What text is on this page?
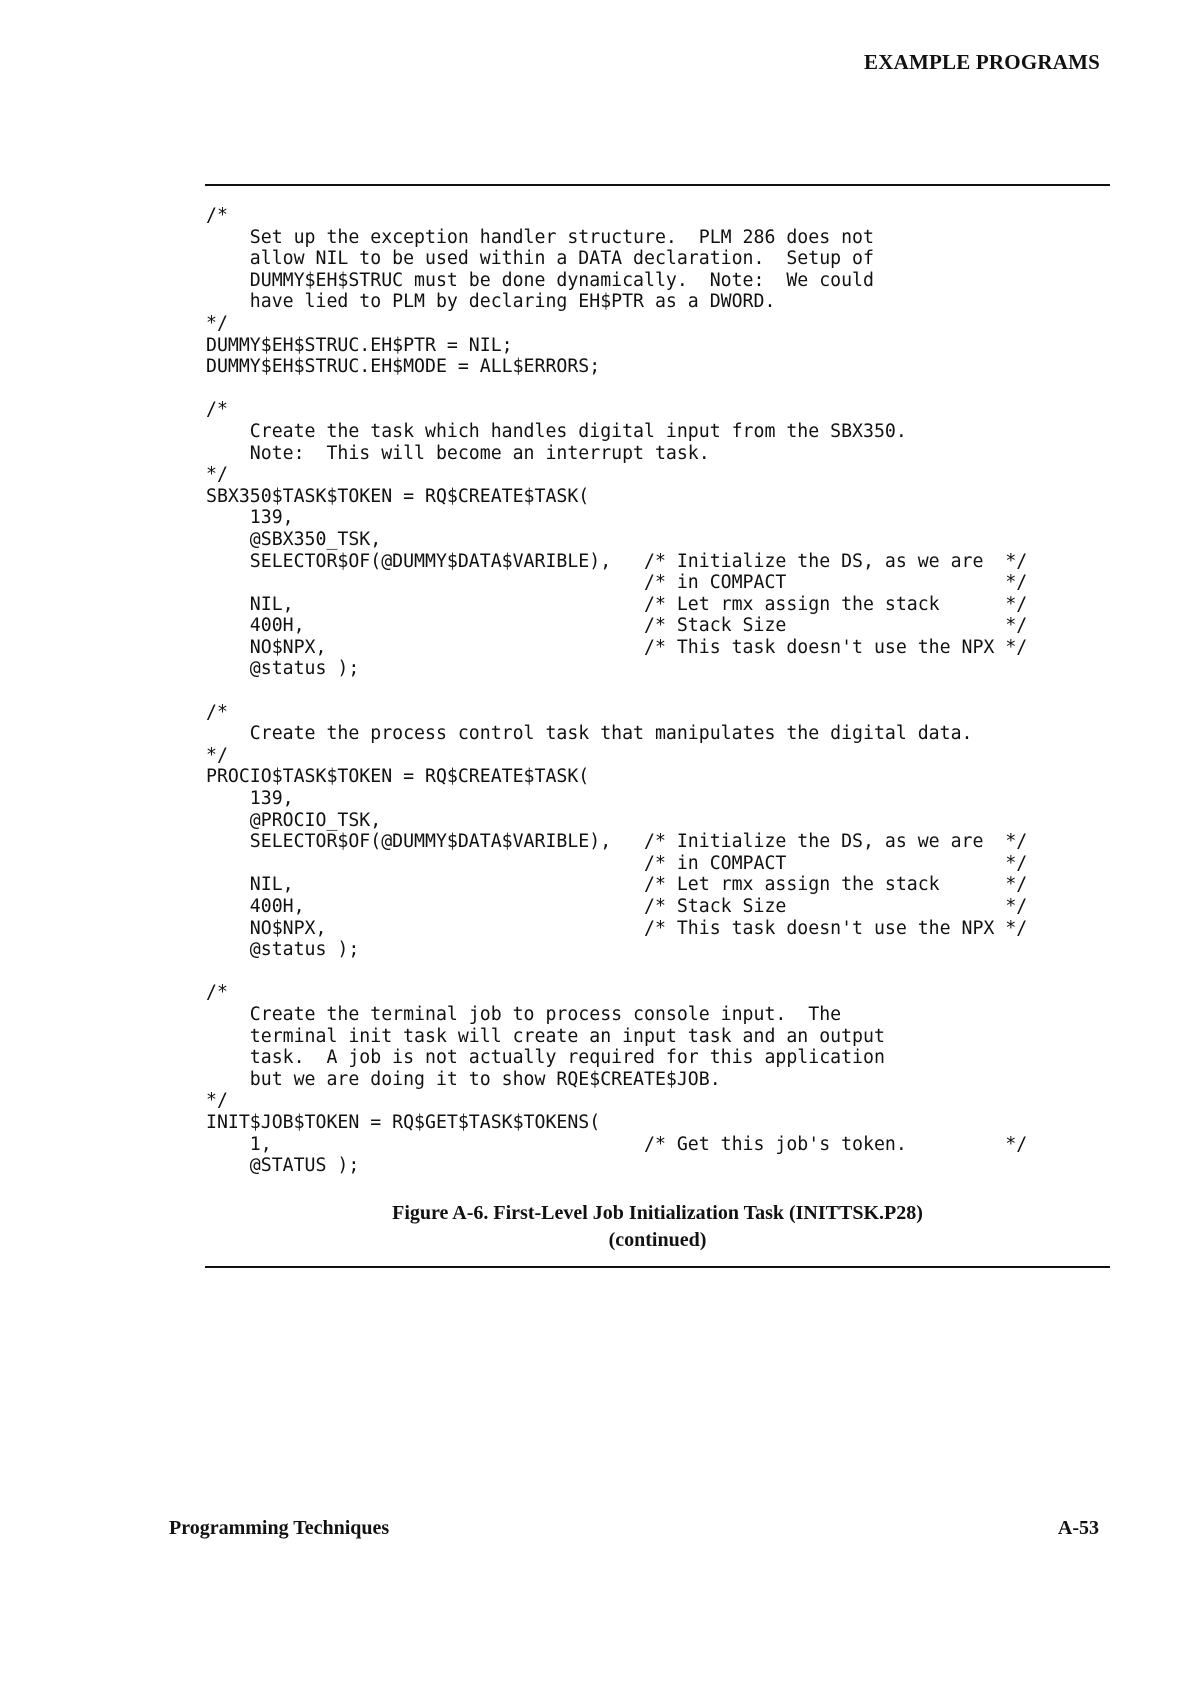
EXAMPLE PROGRAMS
/*
Set up the exception handler structure.  PLM 286 does not
allow NIL to be used within a DATA declaration.  Setup of
DUMMY$EH$STRUC must be done dynamically.  Note:  We could
have lied to PLM by declaring EH$PTR as a DWORD.
*/
DUMMY$EH$STRUC.EH$PTR = NIL;
DUMMY$EH$STRUC.EH$MODE = ALL$ERRORS;
/*
Create the task which handles digital input from the SBX350.
Note:  This will become an interrupt task.
*/
SBX350$TASK$TOKEN = RQ$CREATE$TASK(
139,
@SBX350_TSK,
SELECTOR$OF(@DUMMY$DATA$VARIBLE),   /* Initialize the DS, as we are  */
/* in COMPACT                    */
NIL,                                /* Let rmx assign the stack      */
400H,                               /* Stack Size                    */
NO$NPX,                             /* This task doesn't use the NPX */
@status );
/*
Create the process control task that manipulates the digital data.
*/
PROCIO$TASK$TOKEN = RQ$CREATE$TASK(
139,
@PROCIO_TSK,
SELECTOR$OF(@DUMMY$DATA$VARIBLE),   /* Initialize the DS, as we are  */
/* in COMPACT                    */
NIL,                                /* Let rmx assign the stack      */
400H,                               /* Stack Size                    */
NO$NPX,                             /* This task doesn't use the NPX */
@status );
/*
Create the terminal job to process console input.  The
terminal init task will create an input task and an output
task.  A job is not actually required for this application
but we are doing it to show RQE$CREATE$JOB.
*/
INIT$JOB$TOKEN = RQ$GET$TASK$TOKENS(
1,                                  /* Get this job's token.         */
@STATUS );
Figure A-6. First-Level Job Initialization Task (INITTSK.P28)
(continued)
Programming Techniques	A-53
